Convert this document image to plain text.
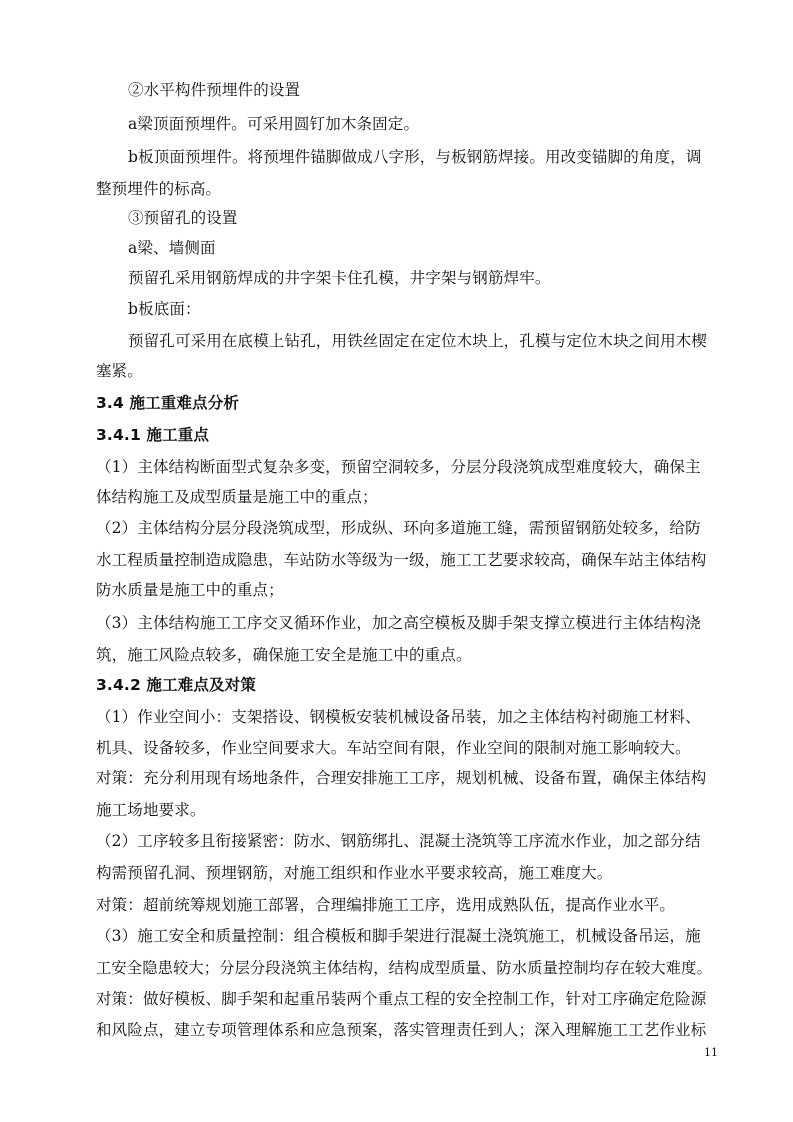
②水平构件预埋件的设置
a梁顶面预埋件。可采用圆钉加木条固定。
b板顶面预埋件。将预埋件锚脚做成八字形，与板钢筋焊接。用改变锚脚的角度，调
整预埋件的标高。
③预留孔的设置
a梁、墙侧面
预留孔采用钢筋焊成的井字架卡住孔模，井字架与钢筋焊牢。
b板底面：
预留孔可采用在底模上钻孔，用铁丝固定在定位木块上，孔模与定位木块之间用木楔
塞紧。
3.4 施工重难点分析
3.4.1 施工重点
（1）主体结构断面型式复杂多变，预留空洞较多，分层分段浇筑成型难度较大，确保主
体结构施工及成型质量是施工中的重点；
（2）主体结构分层分段浇筑成型，形成纵、环向多道施工缝，需预留钢筋处较多，给防
水工程质量控制造成隐患，车站防水等级为一级，施工工艺要求较高，确保车站主体结构
防水质量是施工中的重点；
（3）主体结构施工工序交叉循环作业，加之高空模板及脚手架支撑立模进行主体结构浇
筑，施工风险点较多，确保施工安全是施工中的重点。
3.4.2 施工难点及对策
（1）作业空间小：支架搭设、钢模板安装机械设备吊装，加之主体结构衬砌施工材料、
机具、设备较多，作业空间要求大。车站空间有限，作业空间的限制对施工影响较大。
对策：充分利用现有场地条件，合理安排施工工序，规划机械、设备布置，确保主体结构
施工场地要求。
（2）工序较多且衔接紧密：防水、钢筋绑扎、混凝土浇筑等工序流水作业，加之部分结
构需预留孔洞、预埋钢筋，对施工组织和作业水平要求较高，施工难度大。
对策：超前统筹规划施工部署，合理编排施工工序，选用成熟队伍，提高作业水平。
（3）施工安全和质量控制：组合模板和脚手架进行混凝土浇筑施工，机械设备吊运，施
工安全隐患较大；分层分段浇筑主体结构，结构成型质量、防水质量控制均存在较大难度。
对策：做好模板、脚手架和起重吊装两个重点工程的安全控制工作，针对工序确定危险源
和风险点，建立专项管理体系和应急预案，落实管理责任到人；深入理解施工工艺作业标
11
